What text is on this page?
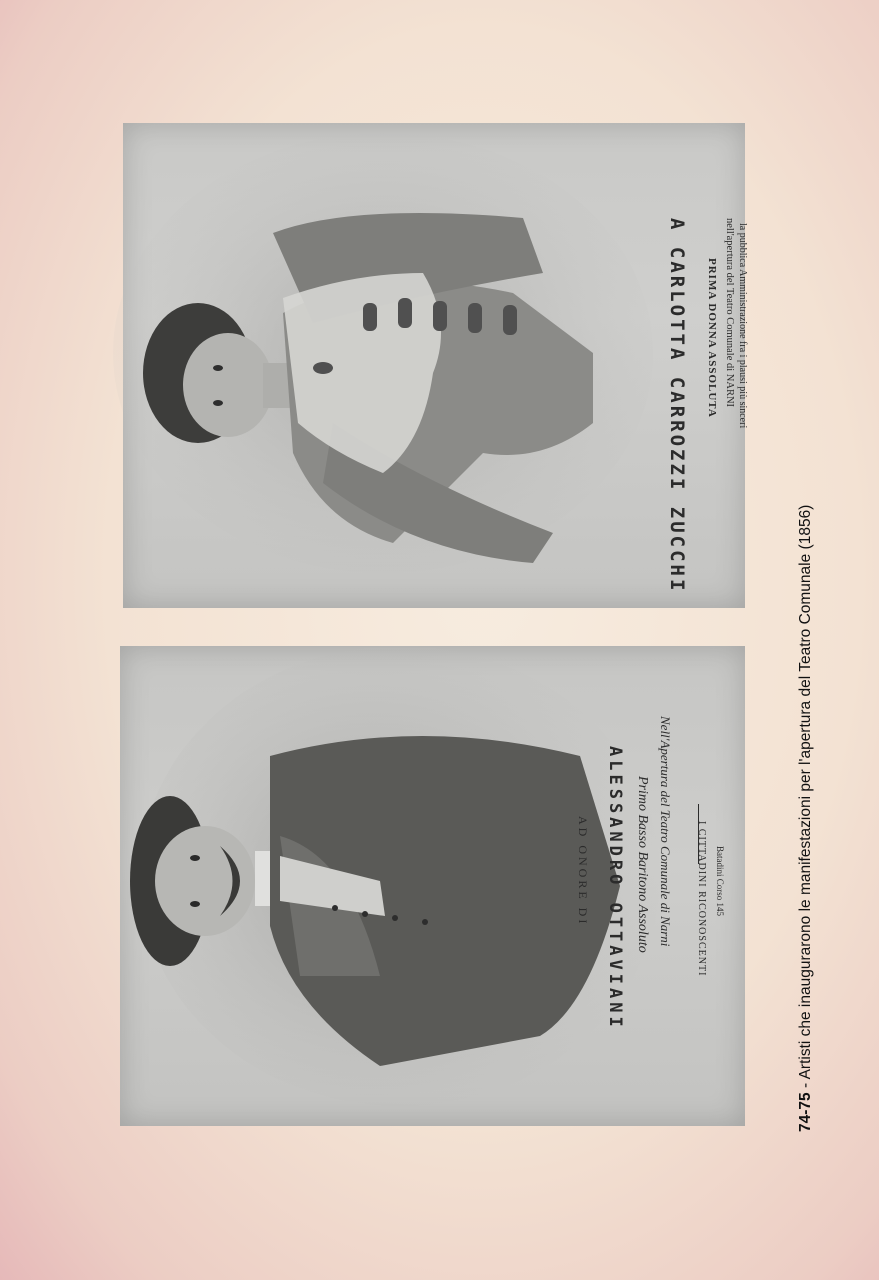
A CARLOTTA CARROZZI ZUCCHI PRIMA DONNA ASSOLUTA nell'apertura del Teatro Comunale di NARNI la pubblica Amministrazione fra i plausi più sinceri
AD ONORE DI ALESSANDRO OTTAVIANI Primo Basso Baritono Assoluto Nell'Apertura del Teatro Comunale di Narni I CITTADINI RICONOSCENTI Batadini Corso 145
74-75 - Artisti che inaugurarono le manifestazioni per l'apertura del Teatro Comunale (1856)
